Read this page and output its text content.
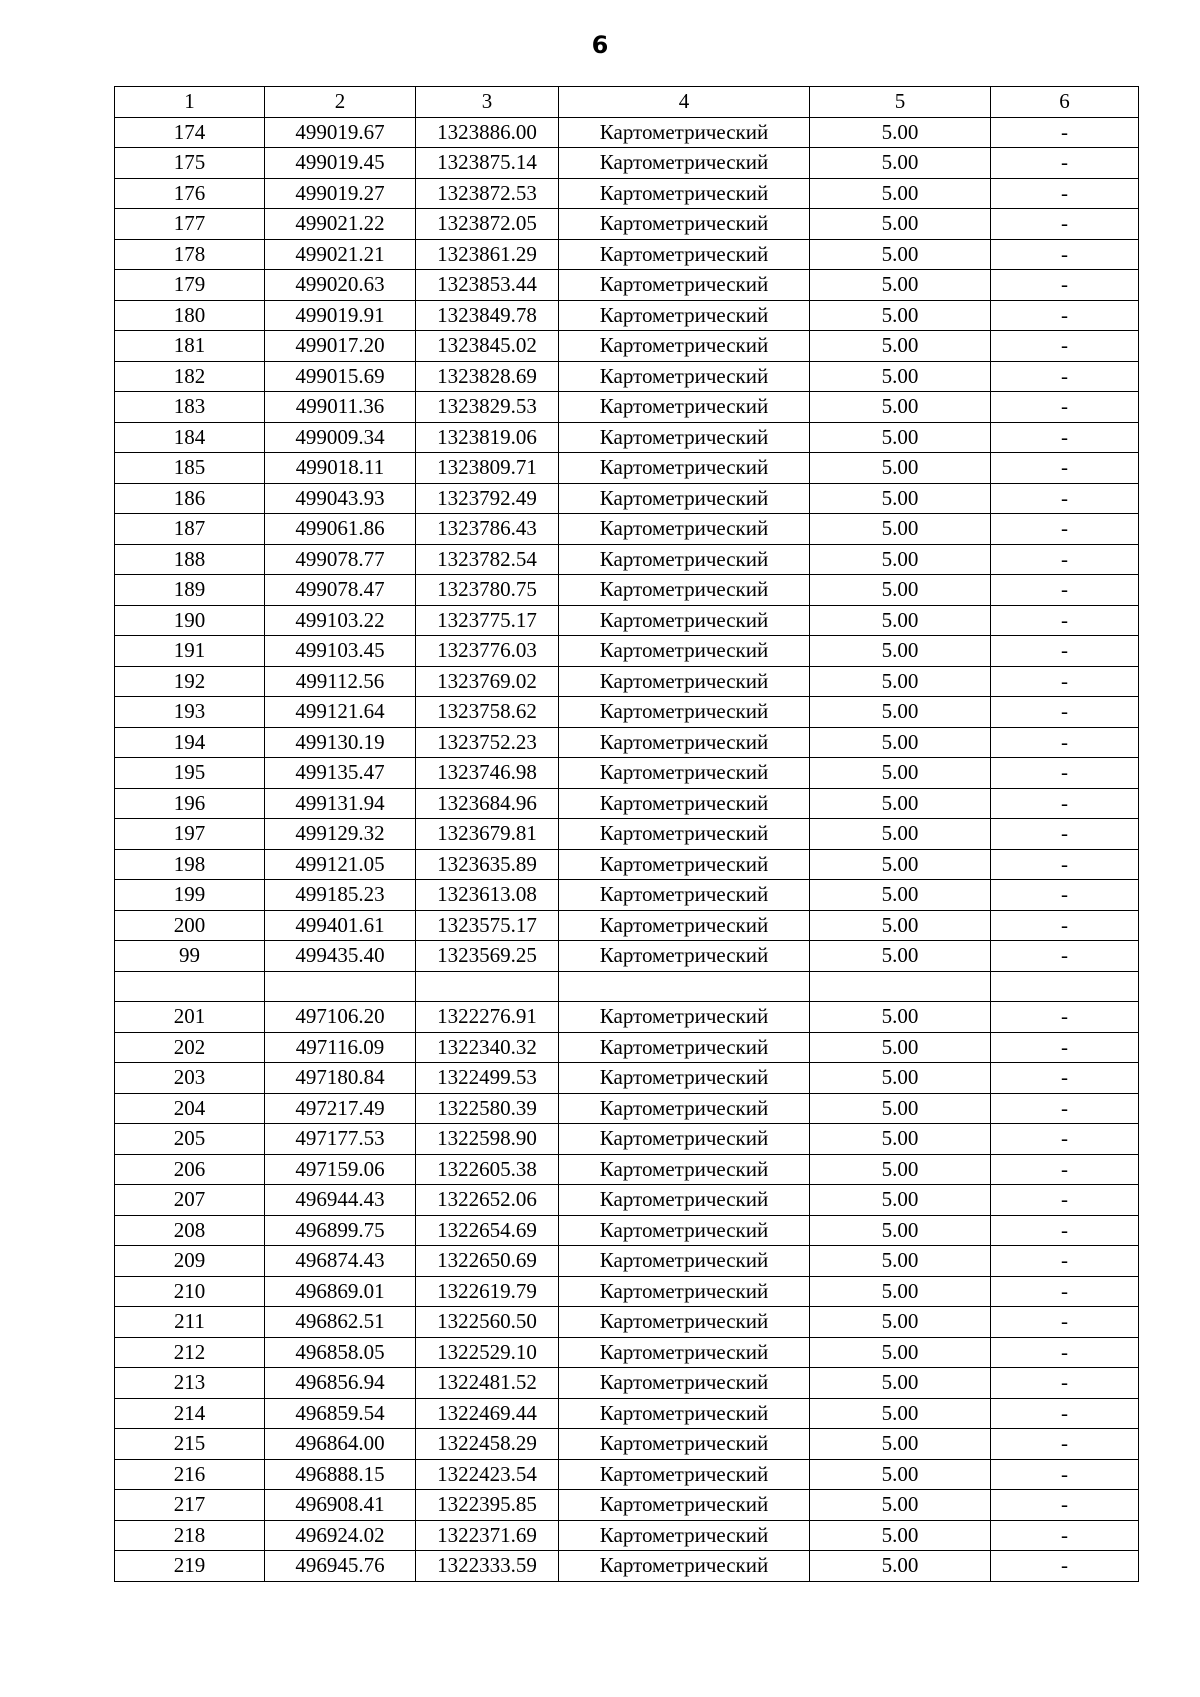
6
1	2	3	4	5	6
174	499019.67	1323886.00	Картометрический	5.00	-
175	499019.45	1323875.14	Картометрический	5.00	-
176	499019.27	1323872.53	Картометрический	5.00	-
177	499021.22	1323872.05	Картометрический	5.00	-
178	499021.21	1323861.29	Картометрический	5.00	-
179	499020.63	1323853.44	Картометрический	5.00	-
180	499019.91	1323849.78	Картометрический	5.00	-
181	499017.20	1323845.02	Картометрический	5.00	-
182	499015.69	1323828.69	Картометрический	5.00	-
183	499011.36	1323829.53	Картометрический	5.00	-
184	499009.34	1323819.06	Картометрический	5.00	-
185	499018.11	1323809.71	Картометрический	5.00	-
186	499043.93	1323792.49	Картометрический	5.00	-
187	499061.86	1323786.43	Картометрический	5.00	-
188	499078.77	1323782.54	Картометрический	5.00	-
189	499078.47	1323780.75	Картометрический	5.00	-
190	499103.22	1323775.17	Картометрический	5.00	-
191	499103.45	1323776.03	Картометрический	5.00	-
192	499112.56	1323769.02	Картометрический	5.00	-
193	499121.64	1323758.62	Картометрический	5.00	-
194	499130.19	1323752.23	Картометрический	5.00	-
195	499135.47	1323746.98	Картометрический	5.00	-
196	499131.94	1323684.96	Картометрический	5.00	-
197	499129.32	1323679.81	Картометрический	5.00	-
198	499121.05	1323635.89	Картометрический	5.00	-
199	499185.23	1323613.08	Картометрический	5.00	-
200	499401.61	1323575.17	Картометрический	5.00	-
99	499435.40	1323569.25	Картометрический	5.00	-

201	497106.20	1322276.91	Картометрический	5.00	-
202	497116.09	1322340.32	Картометрический	5.00	-
203	497180.84	1322499.53	Картометрический	5.00	-
204	497217.49	1322580.39	Картометрический	5.00	-
205	497177.53	1322598.90	Картометрический	5.00	-
206	497159.06	1322605.38	Картометрический	5.00	-
207	496944.43	1322652.06	Картометрический	5.00	-
208	496899.75	1322654.69	Картометрический	5.00	-
209	496874.43	1322650.69	Картометрический	5.00	-
210	496869.01	1322619.79	Картометрический	5.00	-
211	496862.51	1322560.50	Картометрический	5.00	-
212	496858.05	1322529.10	Картометрический	5.00	-
213	496856.94	1322481.52	Картометрический	5.00	-
214	496859.54	1322469.44	Картометрический	5.00	-
215	496864.00	1322458.29	Картометрический	5.00	-
216	496888.15	1322423.54	Картометрический	5.00	-
217	496908.41	1322395.85	Картометрический	5.00	-
218	496924.02	1322371.69	Картометрический	5.00	-
219	496945.76	1322333.59	Картометрический	5.00	-
